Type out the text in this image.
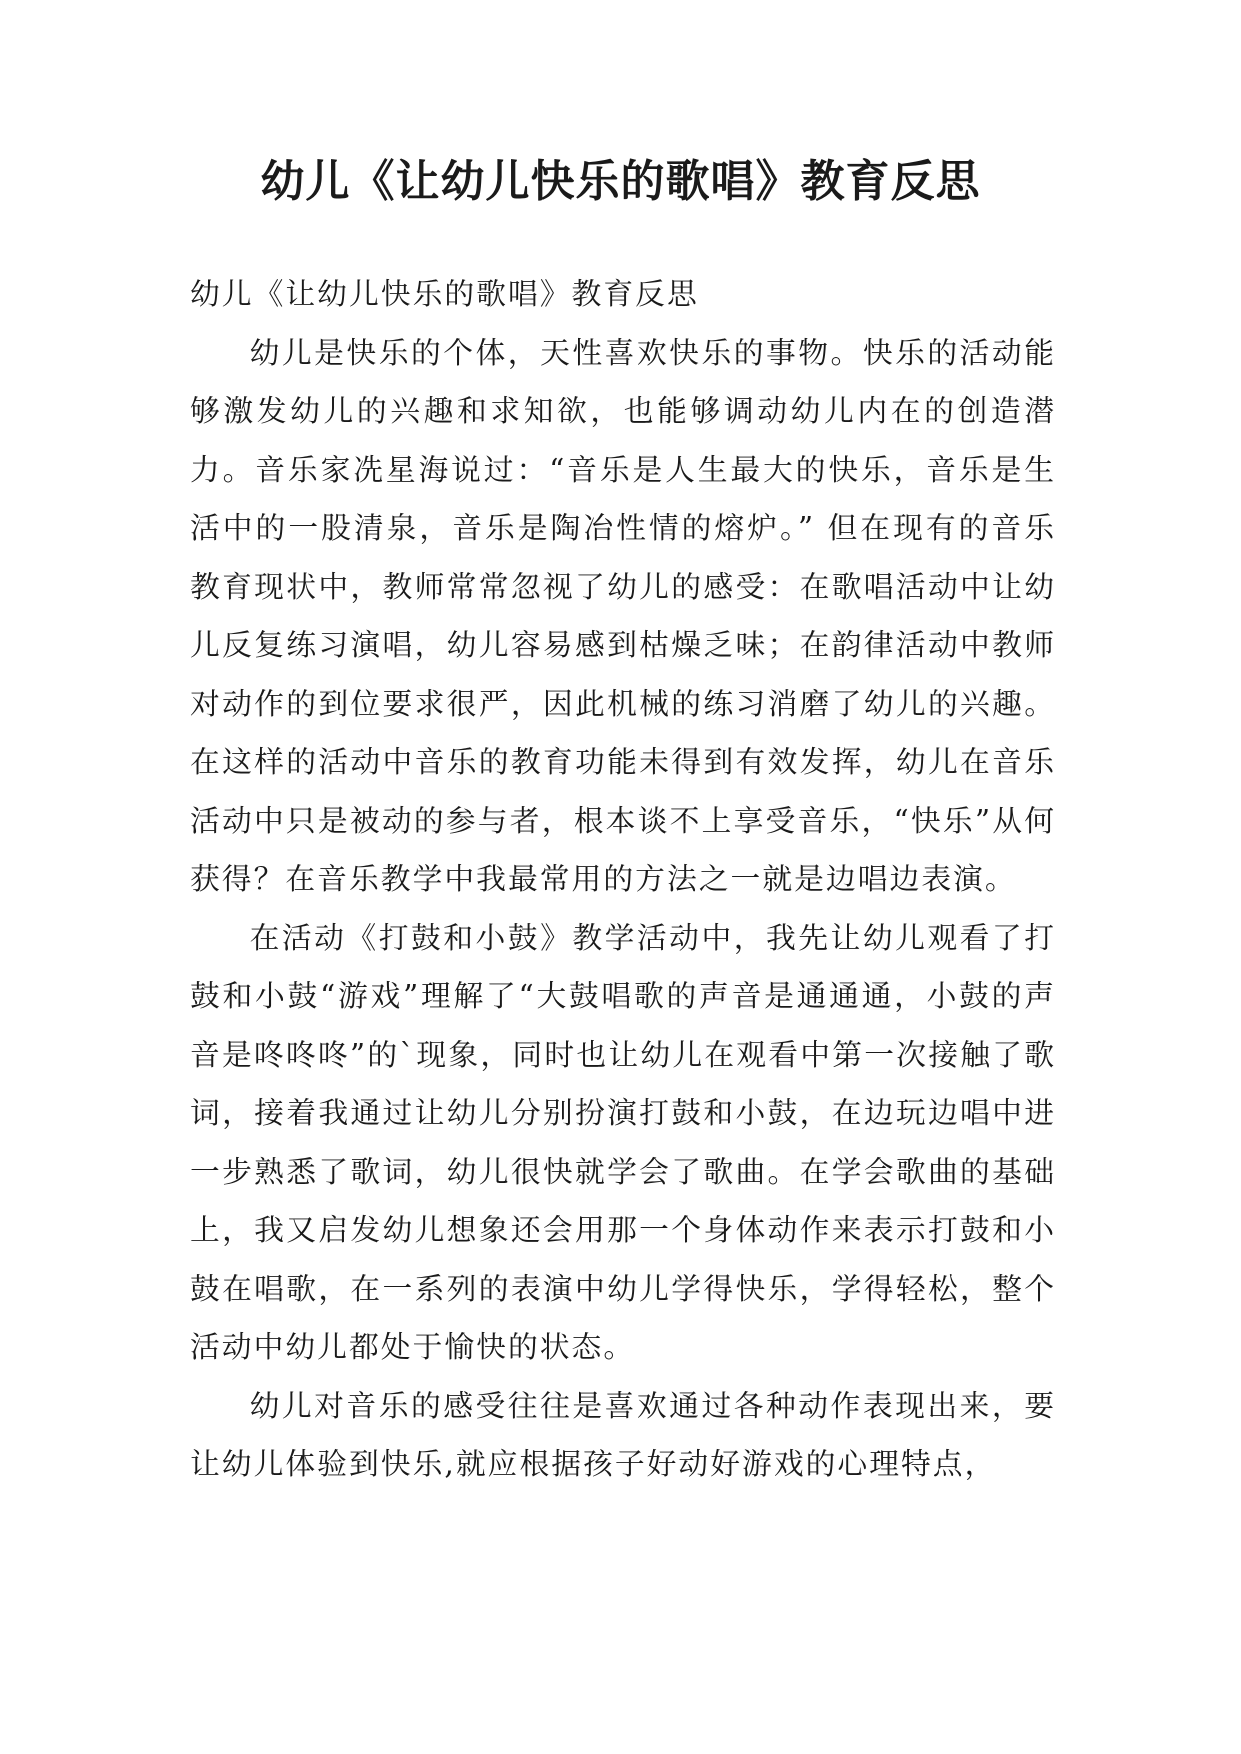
幼儿《让幼儿快乐的歌唱》教育反思

幼儿《让幼儿快乐的歌唱》教育反思

幼儿是快乐的个体，天性喜欢快乐的事物。快乐的活动能够激发幼儿的兴趣和求知欲，也能够调动幼儿内在的创造潜力。音乐家冼星海说过：“音乐是人生最大的快乐，音乐是生活中的一股清泉，音乐是陶冶性情的熔炉。” 但在现有的音乐教育现状中，教师常常忽视了幼儿的感受：在歌唱活动中让幼儿反复练习演唱，幼儿容易感到枯燥乏味；在韵律活动中教师对动作的到位要求很严，因此机械的练习消磨了幼儿的兴趣。在这样的活动中音乐的教育功能未得到有效发挥，幼儿在音乐活动中只是被动的参与者，根本谈不上享受音乐，“快乐”从何获得？在音乐教学中我最常用的方法之一就是边唱边表演。

在活动《打鼓和小鼓》教学活动中，我先让幼儿观看了打鼓和小鼓“游戏”理解了“大鼓唱歌的声音是通通通，小鼓的声音是咚咚咚”的`现象，同时也让幼儿在观看中第一次接触了歌词，接着我通过让幼儿分别扮演打鼓和小鼓，在边玩边唱中进一步熟悉了歌词，幼儿很快就学会了歌曲。在学会歌曲的基础上，我又启发幼儿想象还会用那一个身体动作来表示打鼓和小鼓在唱歌，在一系列的表演中幼儿学得快乐，学得轻松，整个活动中幼儿都处于愉快的状态。

幼儿对音乐的感受往往是喜欢通过各种动作表现出来，要让幼儿体验到快乐,就应根据孩子好动好游戏的心理特点，
